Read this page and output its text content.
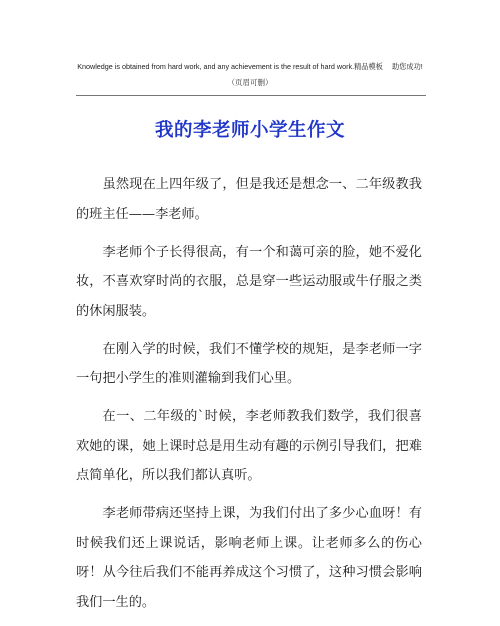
Knowledge is obtained from hard work, and any achievement is the result of hard work.精品模板　 助您成功!
（页眉可删）
我的李老师小学生作文

虽然现在上四年级了，但是我还是想念一、二年级教我的班主任——李老师。

李老师个子长得很高，有一个和蔼可亲的脸，她不爱化妆，不喜欢穿时尚的衣服，总是穿一些运动服或牛仔服之类的休闲服装。

在刚入学的时候，我们不懂学校的规矩，是李老师一字一句把小学生的准则灌输到我们心里。

在一、二年级的`时候，李老师教我们数学，我们很喜欢她的课，她上课时总是用生动有趣的示例引导我们，把难点简单化，所以我们都认真听。

李老师带病还坚持上课，为我们付出了多少心血呀！有时候我们还上课说话，影响老师上课。让老师多么的伤心呀！从今往后我们不能再养成这个习惯了，这种习惯会影响我们一生的。
